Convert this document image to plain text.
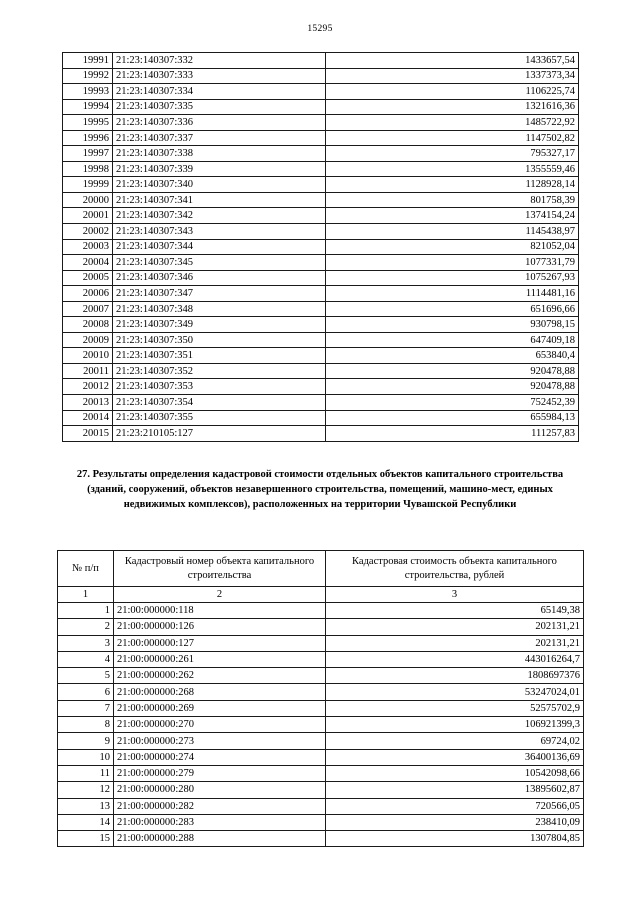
15295
19991	21:23:140307:332	1433657,54
19992	21:23:140307:333	1337373,34
19993	21:23:140307:334	1106225,74
19994	21:23:140307:335	1321616,36
19995	21:23:140307:336	1485722,92
19996	21:23:140307:337	1147502,82
19997	21:23:140307:338	795327,17
19998	21:23:140307:339	1355559,46
19999	21:23:140307:340	1128928,14
20000	21:23:140307:341	801758,39
20001	21:23:140307:342	1374154,24
20002	21:23:140307:343	1145438,97
20003	21:23:140307:344	821052,04
20004	21:23:140307:345	1077331,79
20005	21:23:140307:346	1075267,93
20006	21:23:140307:347	1114481,16
20007	21:23:140307:348	651696,66
20008	21:23:140307:349	930798,15
20009	21:23:140307:350	647409,18
20010	21:23:140307:351	653840,4
20011	21:23:140307:352	920478,88
20012	21:23:140307:353	920478,88
20013	21:23:140307:354	752452,39
20014	21:23:140307:355	655984,13
20015	21:23:210105:127	111257,83
27. Результаты определения кадастровой стоимости отдельных объектов капитального строительства (зданий, сооружений, объектов незавершенного строительства, помещений, машино-мест, единых недвижимых комплексов), расположенных на территории Чувашской Республики
№ п/п	Кадастровый номер объекта капитального строительства	Кадастровая стоимость объекта капитального строительства, рублей
1	2	3
1	21:00:000000:118	65149,38
2	21:00:000000:126	202131,21
3	21:00:000000:127	202131,21
4	21:00:000000:261	443016264,7
5	21:00:000000:262	1808697376
6	21:00:000000:268	53247024,01
7	21:00:000000:269	52575702,9
8	21:00:000000:270	106921399,3
9	21:00:000000:273	69724,02
10	21:00:000000:274	36400136,69
11	21:00:000000:279	10542098,66
12	21:00:000000:280	13895602,87
13	21:00:000000:282	720566,05
14	21:00:000000:283	238410,09
15	21:00:000000:288	1307804,85
